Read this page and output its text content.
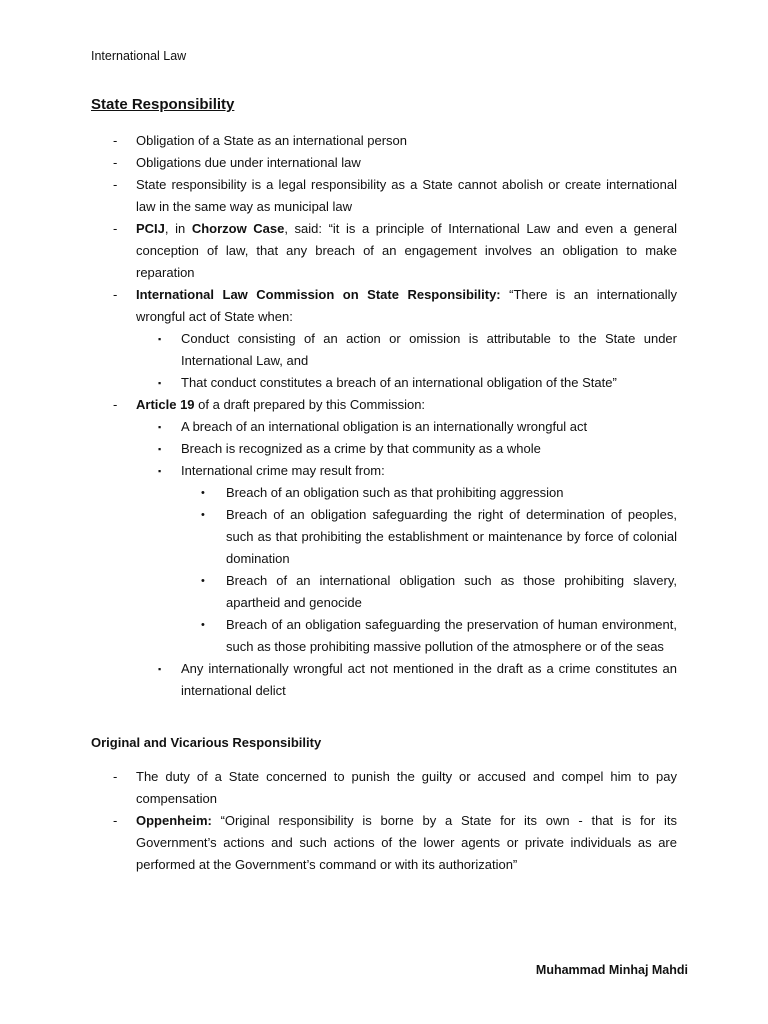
International Law
State Responsibility
- Obligation of a State as an international person
- Obligations due under international law
- State responsibility is a legal responsibility as a State cannot abolish or create international law in the same way as municipal law
- PCIJ, in Chorzow Case, said: “it is a principle of International Law and even a general conception of law, that any breach of an engagement involves an obligation to make reparation
- International Law Commission on State Responsibility: “There is an internationally wrongful act of State when:
▪ Conduct consisting of an action or omission is attributable to the State under International Law, and
▪ That conduct constitutes a breach of an international obligation of the State”
- Article 19 of a draft prepared by this Commission:
▪ A breach of an international obligation is an internationally wrongful act
▪ Breach is recognized as a crime by that community as a whole
▪ International crime may result from:
• Breach of an obligation such as that prohibiting aggression
• Breach of an obligation safeguarding the right of determination of peoples, such as that prohibiting the establishment or maintenance by force of colonial domination
• Breach of an international obligation such as those prohibiting slavery, apartheid and genocide
• Breach of an obligation safeguarding the preservation of human environment, such as those prohibiting massive pollution of the atmosphere or of the seas
▪ Any internationally wrongful act not mentioned in the draft as a crime constitutes an international delict
Original and Vicarious Responsibility
- The duty of a State concerned to punish the guilty or accused and compel him to pay compensation
- Oppenheim: “Original responsibility is borne by a State for its own - that is for its Government’s actions and such actions of the lower agents or private individuals as are performed at the Government’s command or with its authorization”
Muhammad Minhaj Mahdi
